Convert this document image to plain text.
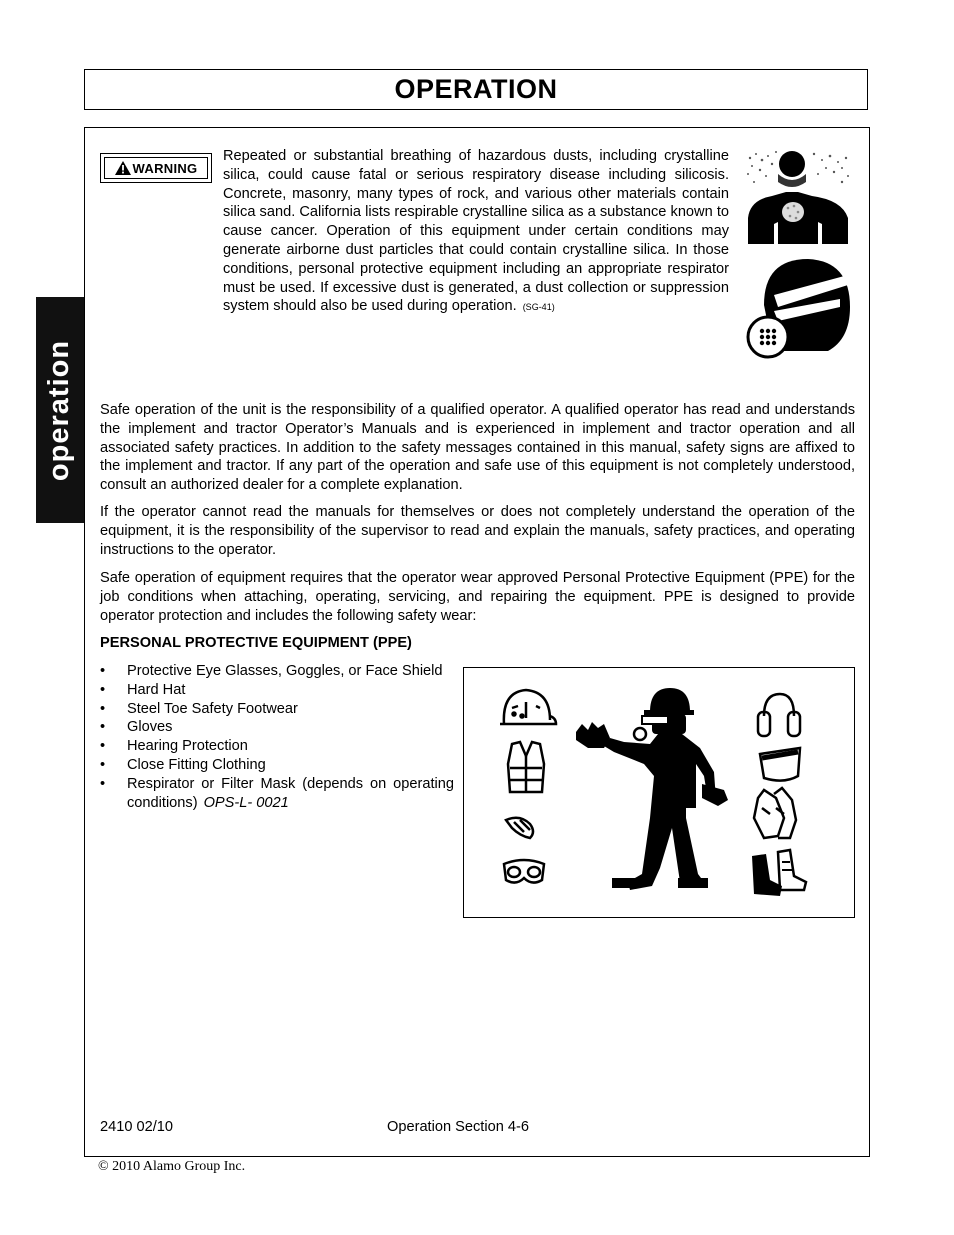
OPERATION
operation
WARNING
Repeated or substantial breathing of hazardous dusts, including crystalline silica, could cause fatal or serious respiratory disease including silicosis. Concrete, masonry, many types of rock, and various other materials contain silica sand. California lists respirable crystalline silica as a substance known to cause cancer. Operation of this equipment under certain conditions may generate airborne dust particles that could contain crystalline silica. In those conditions, personal protective equipment including an appropriate respirator must be used. If excessive dust is generated, a dust collection or suppression system should also be used during operation. (SG-41)

Safe operation of the unit is the responsibility of a qualified operator. A qualified operator has read and understands the implement and tractor Operator’s Manuals and is experienced in implement and tractor operation and all associated safety practices. In addition to the safety messages contained in this manual, safety signs are affixed to the implement and tractor. If any part of the operation and safe use of this equipment is not completely understood, consult an authorized dealer for a complete explanation.

If the operator cannot read the manuals for themselves or does not completely understand the operation of the equipment, it is the responsibility of the supervisor to read and explain the manuals, safety practices, and operating instructions to the operator.

Safe operation of equipment requires that the operator wear approved Personal Protective Equipment (PPE) for the job conditions when attaching, operating, servicing, and repairing the equipment. PPE is designed to provide operator protection and includes the following safety wear:

PERSONAL PROTECTIVE EQUIPMENT (PPE)

• Protective Eye Glasses, Goggles, or Face Shield
• Hard Hat
• Steel Toe Safety Footwear
• Gloves
• Hearing Protection
• Close Fitting Clothing
• Respirator or Filter Mask (depends on operating conditions) OPS-L- 0021
2410 02/10	Operation Section 4-6
© 2010 Alamo Group Inc.
